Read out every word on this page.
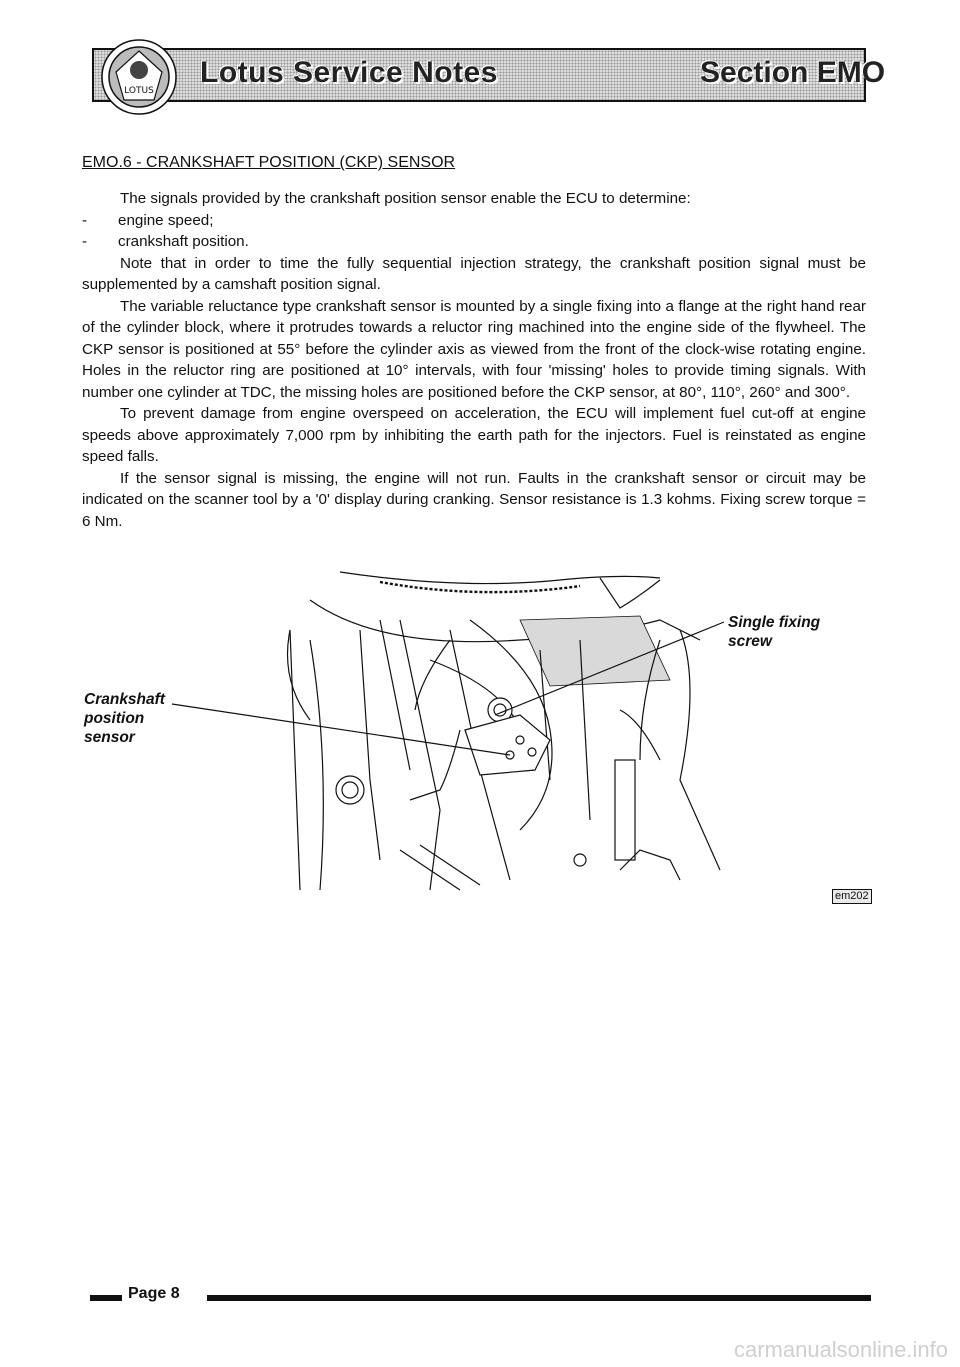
LOTUS
Lotus Service Notes	Section EMO
EMO.6 - CRANKSHAFT POSITION (CKP) SENSOR

The signals provided by the crankshaft position sensor enable the ECU to determine:

-	engine speed;
-	crankshaft position.

Note that in order to time the fully sequential injection strategy, the crankshaft position signal must be supplemented by a camshaft position signal.

The variable reluctance type crankshaft sensor is mounted by a single fixing into a flange at the right hand rear of the cylinder block, where it protrudes towards a reluctor ring machined into the engine side of the flywheel. The CKP sensor is positioned at 55° before the cylinder axis as viewed from the front of the clock-wise rotating engine. Holes in the reluctor ring are positioned at 10° intervals, with four 'missing' holes to provide timing signals. With number one cylinder at TDC, the missing holes are positioned before the CKP sensor, at 80°, 110°, 260° and 300°.

To prevent damage from engine overspeed on acceleration, the ECU will implement fuel cut-off at engine speeds above approximately 7,000 rpm by inhibiting the earth path for the injectors. Fuel is reinstated as engine speed falls.

If the sensor signal is missing, the engine will not run. Faults in the crankshaft sensor or circuit may be indicated on the scanner tool by a '0' display during cranking. Sensor resistance is 1.3 kohms. Fixing screw torque = 6 Nm.

Crankshaft
position
sensor
Single fixing
screw
em202
Page 8
carmanualsonline.info
